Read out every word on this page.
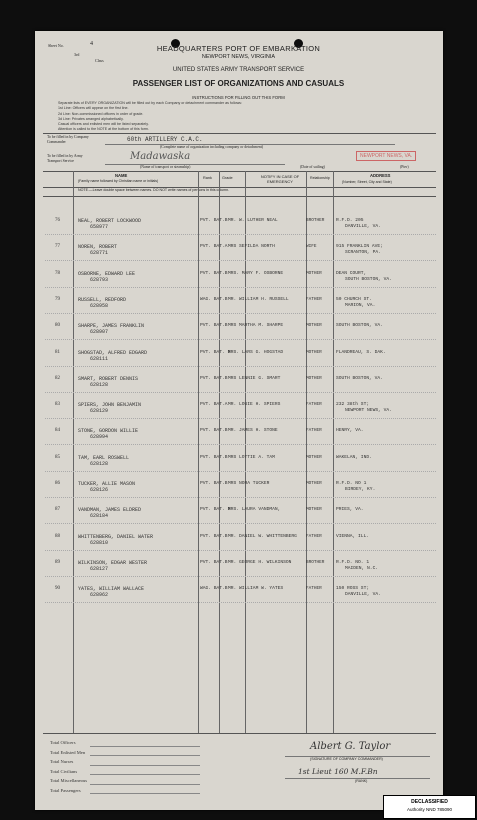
Sheet No.	4
3rd
Class
HEADQUARTERS PORT OF EMBARKATION
NEWPORT NEWS, VIRGINIA
UNITED STATES ARMY TRANSPORT SERVICE
PASSENGER LIST OF ORGANIZATIONS AND CASUALS
INSTRUCTIONS FOR FILLING OUT THIS FORM
Separate lists of EVERY ORGANIZATION will be filled out by each Company or detachment commander as follows:
1st Line: Officers will appear on the first line.
2d Line: Non-commissioned officers in order of grade.
3d Line: Privates arranged alphabetically.
Casual officers and enlisted men will be listed separately.
Attention is called to the NOTE at the bottom of this form.
To be filled in by Company Commander	60th ARTILLERY C.A.C.
(Complete name of organization including company or detachment)
To be filled in by Army Transport Service	Madawaska
(Name of transport or steamship)	(Date of sailing)	(Pier)
NEWPORT NEWS, VA.
NAME
(Family name followed by Christian name or initials)
Rank	Grade	NOTIFY IN CASE OF EMERGENCY
Relationship	ADDRESS
(Number, Street, City and State)
NOTE.—Leave double space between names. DO NOT write names of persons in this column.
76	NEAL, ROBERT LOCKWOOD
658977
PVT. BAT.B MR. W. LUTHER NEAL	BROTHER	R.F.D. 205
DANVILLE, VA.
77	NOREN, ROBERT
628771
PVT. BAT.A MRS SEFILDA NORTH	WIFE	915 FRANKLIN AVE;
SCRANTON, PA.
78	OSBORNE, EDWARD LEE
628793
PVT. BAT.B MRS. MARY F. OSBORNE	MOTHER	DEAN COURT,
SOUTH BOSTON, VA.
79	RUSSELL, REDFORD
628958
WAG. BAT.B MR. WILLIAM H. RUSSELL	FATHER	50 CHURCH ST.
MARION, VA.
80	SHARPE, JAMES FRANKLIN
628907
PVT. BAT.B MRS MARTHA M. SHARPE	MOTHER	SOUTH BOSTON, VA.
81	SHOGSTAD, ALFRED EDGARD
628111
PVT. BAT. B
MRS. LARS G. HOGSTAD	MOTHER	FLANDREAU, S. DAK.
82	SMART, ROBERT DENNIS
628128
PVT. BAT.B MRS LENNIE G. SMART	MOTHER	SOUTH BOSTON, VA.
83	SPIERS, JOHN BENJAMIN
628129
PVT. BAT.A MR. LOUIE H. SPIERS	FATHER	232 38th ST;
NEWPORT NEWS, VA.
84	STONE, GORDON WILLIE
628994
PVT. BAT.B MR. JAMES H. STONE	FATHER	HENRY, VA.
85	TAM, EARL ROSWELL
628128
PVT. BAT.B MRS LOTTIE A. TAM	MOTHER	WAKELAN, IND.
86	TUCKER, ALLIE MASON
628126
PVT. BAT.B MRS NORA TUCKER	MOTHER	R.F.D. NO 1
BIRDEY, KY.
87	VANDMAN, JAMES ELDRED
628184
PVT. BAT. B
MRS. LAURA VANDMAN,	MOTHER	PRIES, VA.
88	WHITTENBERG, DANIEL WATER
628810
PVT. BAT.B MR. DANIEL W. WHITTENBERG FATHER	VIENNA, ILL.
89	WILKINSON, EDGAR WESTER
628127
PVT. BAT.B MR. GEORGE H. WILKINSON	BROTHER	R.F.D. NO. 1
MAIDEN, N.C.
90	YATES, WILLIAM WALLACE
628962
WAG. BAT.B MR. WILLIAM W. YATES	FATHER	150 ROSS ST;
DANVILLE, VA.
Total Officers
Total Enlisted Men
Total Nurses
Total Civilians
Total Miscellaneous
Total Passengers
Albert G. Taylor
(SIGNATURE OF COMPANY COMMANDER)
1st Lieut 160 M.F.Bn
(RANK)
DECLASSIFIED
Authority NND 785090
